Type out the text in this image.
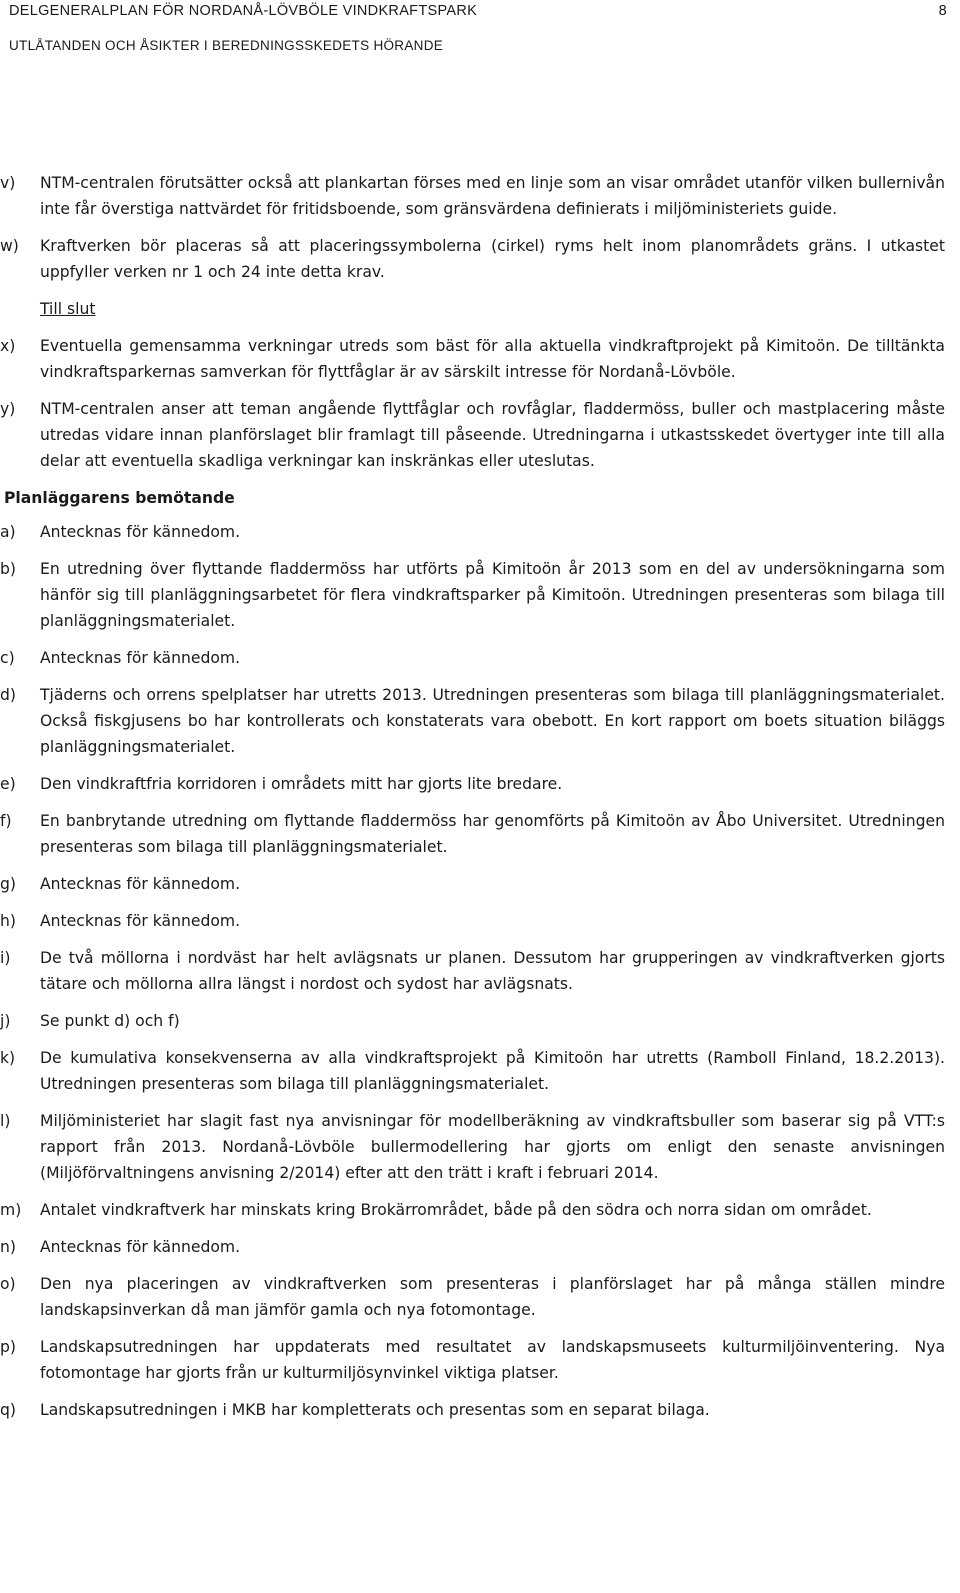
DELGENERALPLAN FÖR NORDANÅ-LÖVBÖLE VINDKRAFTSPARK	8
UTLÅTANDEN OCH ÅSIKTER I BEREDNINGSSKEDETS HÖRANDE
v) NTM-centralen förutsätter också att plankartan förses med en linje som an visar området utanför vilken bullernivån inte får överstiga nattvärdet för fritidsboende, som gränsvärdena definierats i miljöministeriets guide.
w) Kraftverken bör placeras så att placeringssymbolerna (cirkel) ryms helt inom planområdets gräns. I utkastet uppfyller verken nr 1 och 24 inte detta krav.
Till slut
x) Eventuella gemensamma verkningar utreds som bäst för alla aktuella vindkraftprojekt på Kimitoön. De tilltänkta vindkraftsparkernas samverkan för flyttfåglar är av särskilt intresse för Nordanå-Lövböle.
y) NTM-centralen anser att teman angående flyttfåglar och rovfåglar, fladdermöss, buller och mastplacering måste utredas vidare innan planförslaget blir framlagt till påseende. Utredningarna i utkastsskedet övertyger inte till alla delar att eventuella skadliga verkningar kan inskränkas eller uteslutas.
Planläggarens bemötande
a) Antecknas för kännedom.
b) En utredning över flyttande fladdermöss har utförts på Kimitoön år 2013 som en del av undersökningarna som hänför sig till planläggningsarbetet för flera vindkraftsparker på Kimitoön. Utredningen presenteras som bilaga till planläggningsmaterialet.
c) Antecknas för kännedom.
d) Tjäderns och orrens spelplatser har utretts 2013. Utredningen presenteras som bilaga till planläggningsmaterialet. Också fiskgjusens bo har kontrollerats och konstaterats vara obebott. En kort rapport om boets situation biläggs planläggningsmaterialet.
e) Den vindkraftfria korridoren i områdets mitt har gjorts lite bredare.
f) En banbrytande utredning om flyttande fladdermöss har genomförts på Kimitoön av Åbo Universitet. Utredningen presenteras som bilaga till planläggningsmaterialet.
g) Antecknas för kännedom.
h) Antecknas för kännedom.
i) De två möllorna i nordväst har helt avlägsnats ur planen. Dessutom har grupperingen av vindkraftverken gjorts tätare och möllorna allra längst i nordost och sydost har avlägsnats.
j) Se punkt d) och f)
k) De kumulativa konsekvenserna av alla vindkraftsprojekt på Kimitoön har utretts (Ramboll Finland, 18.2.2013). Utredningen presenteras som bilaga till planläggningsmaterialet.
l) Miljöministeriet har slagit fast nya anvisningar för modellberäkning av vindkraftsbuller som baserar sig på VTT:s rapport från 2013. Nordanå-Lövböle bullermodellering har gjorts om enligt den senaste anvisningen (Miljöförvaltningens anvisning 2/2014) efter att den trätt i kraft i februari 2014.
m) Antalet vindkraftverk har minskats kring Brokärrområdet, både på den södra och norra sidan om området.
n) Antecknas för kännedom.
o) Den nya placeringen av vindkraftverken som presenteras i planförslaget har på många ställen mindre landskapsinverkan då man jämför gamla och nya fotomontage.
p) Landskapsutredningen har uppdaterats med resultatet av landskapsmuseets kulturmiljöinventering. Nya fotomontage har gjorts från ur kulturmiljösynvinkel viktiga platser.
q) Landskapsutredningen i MKB har kompletterats och presentas som en separat bilaga.
